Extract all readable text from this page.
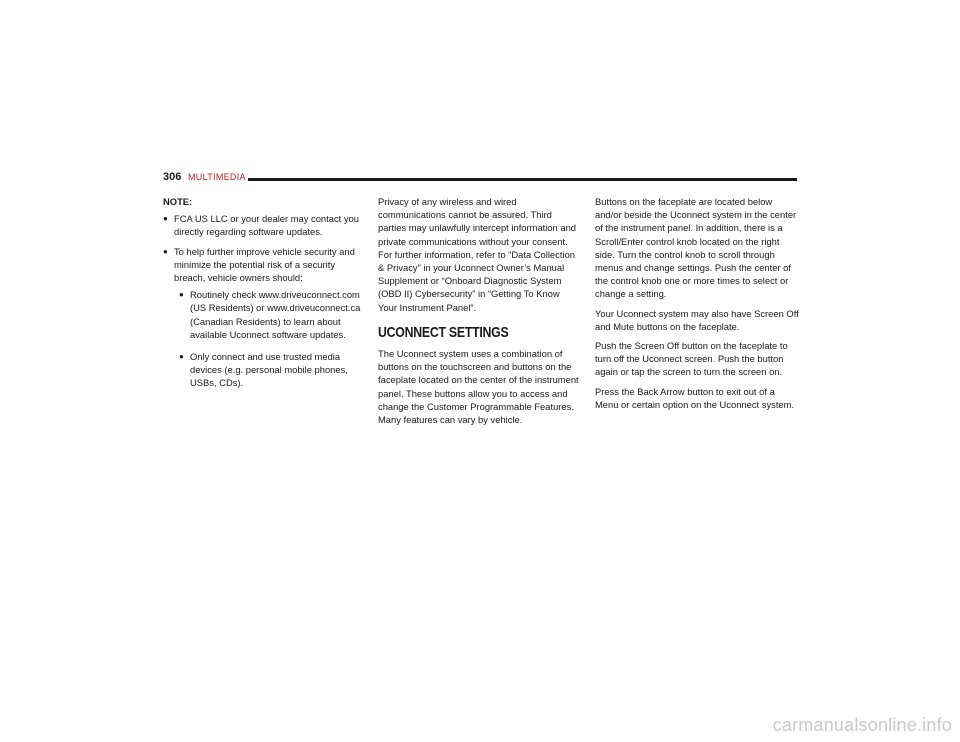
306 MULTIMEDIA
NOTE:
● FCA US LLC or your dealer may contact you directly regarding software updates.
● To help further improve vehicle security and minimize the potential risk of a security breach, vehicle owners should:
● Routinely check www.driveuconnect.com (US Residents) or www.driveuconnect.ca (Canadian Residents) to learn about available Uconnect software updates.
● Only connect and use trusted media devices (e.g. personal mobile phones, USBs, CDs).

Privacy of any wireless and wired communications cannot be assured. Third parties may unlawfully intercept information and private communications without your consent. For further information, refer to “Data Collection & Privacy” in your Uconnect Owner’s Manual Supplement or “Onboard Diagnostic System (OBD II) Cybersecurity” in “Getting To Know Your Instrument Panel”.

UCONNECT SETTINGS

The Uconnect system uses a combination of buttons on the touchscreen and buttons on the faceplate located on the center of the instrument panel. These buttons allow you to access and change the Customer Programmable Features. Many features can vary by vehicle.

Buttons on the faceplate are located below and/or beside the Uconnect system in the center of the instrument panel. In addition, there is a Scroll/Enter control knob located on the right side. Turn the control knob to scroll through menus and change settings. Push the center of the control knob one or more times to select or change a setting.

Your Uconnect system may also have Screen Off and Mute buttons on the faceplate.

Push the Screen Off button on the faceplate to turn off the Uconnect screen. Push the button again or tap the screen to turn the screen on.

Press the Back Arrow button to exit out of a Menu or certain option on the Uconnect system.

carmanualsonline.info
